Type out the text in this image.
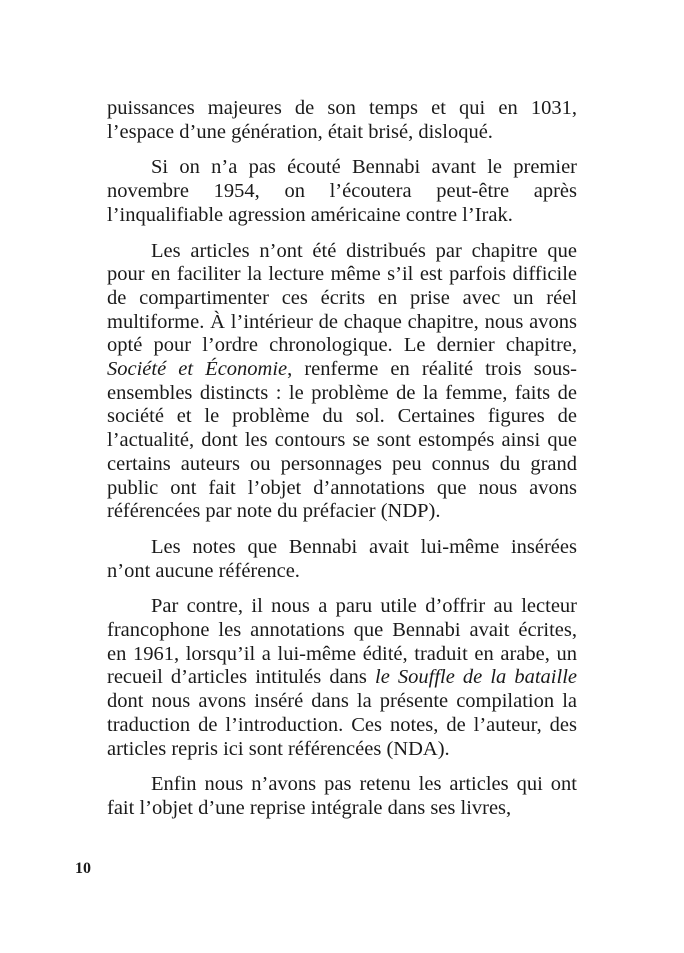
puissances majeures de son temps et qui en 1031, l’espace d’une génération, était brisé, disloqué.

Si on n’a pas écouté Bennabi avant le premier novembre 1954, on l’écoutera peut-être après l’inqualifiable agression américaine contre l’Irak.

Les articles n’ont été distribués par chapitre que pour en faciliter la lecture même s’il est parfois difficile de compartimenter ces écrits en prise avec un réel multiforme. À l’intérieur de chaque chapitre, nous avons opté pour l’ordre chronologique. Le dernier chapitre, Société et Économie, renferme en réalité trois sous-ensembles distincts : le problème de la femme, faits de société et le problème du sol. Certaines figures de l’actualité, dont les contours se sont estompés ainsi que certains auteurs ou personnages peu connus du grand public ont fait l’objet d’annotations que nous avons référencées par note du préfacier (NDP).

Les notes que Bennabi avait lui-même insérées n’ont aucune référence.

Par contre, il nous a paru utile d’offrir au lecteur francophone les annotations que Bennabi avait écrites, en 1961, lorsqu’il a lui-même édité, traduit en arabe, un recueil d’articles intitulés dans le Souffle de la bataille dont nous avons inséré dans la présente compilation la traduction de l’introduction. Ces notes, de l’auteur, des articles repris ici sont référencées (NDA).

Enfin nous n’avons pas retenu les articles qui ont fait l’objet d’une reprise intégrale dans ses livres,

10
